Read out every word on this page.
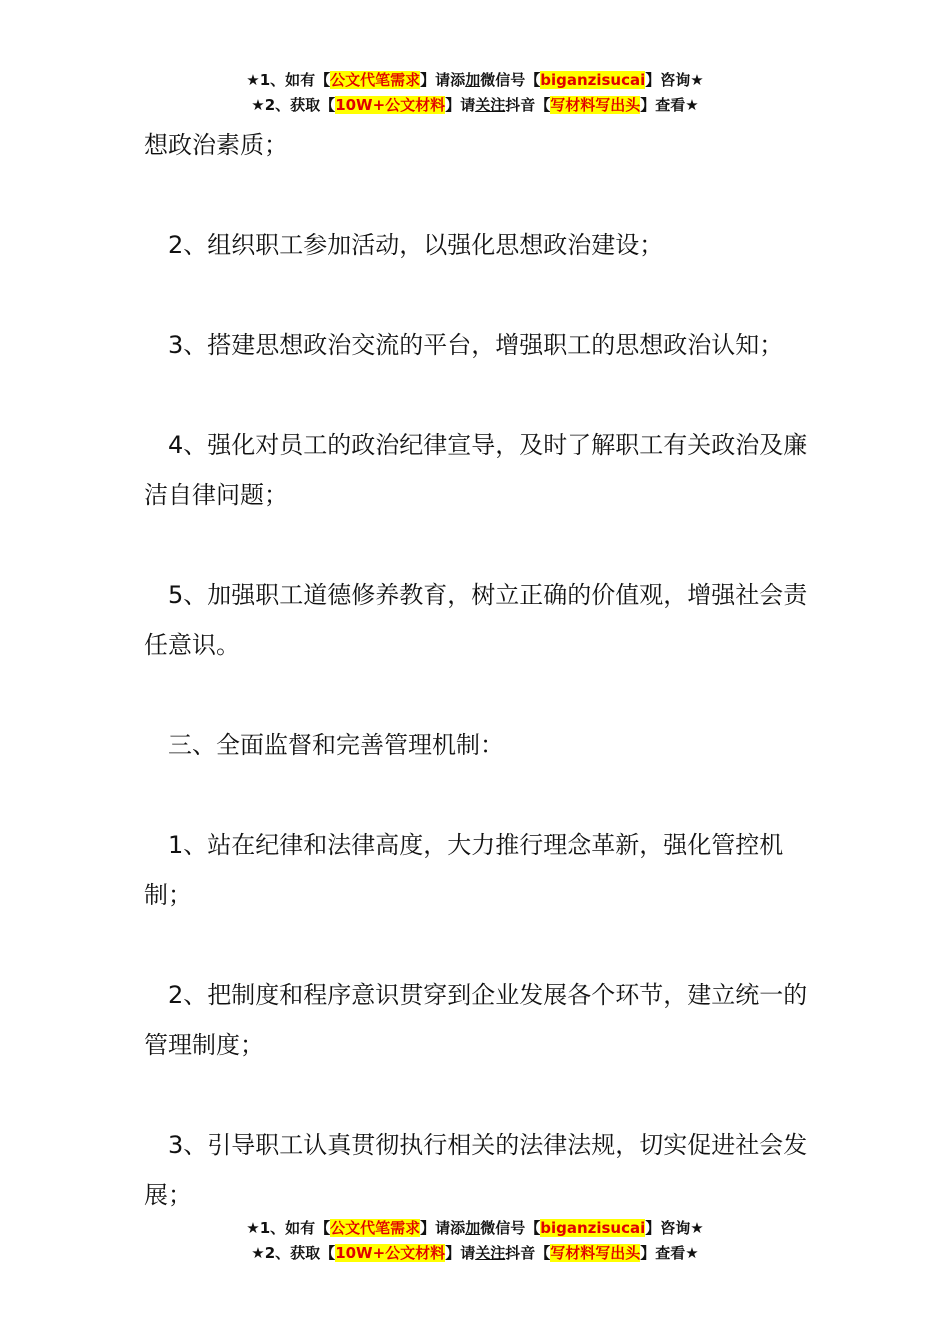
★1、如有【公文代笔需求】请添加微信号【biganzisucai】咨询★
★2、获取【10W+公文材料】请关注抖音【写材料写出头】查看★

想政治素质；

2、组织职工参加活动，以强化思想政治建设；

3、搭建思想政治交流的平台，增强职工的思想政治认知；

4、强化对员工的政治纪律宣导，及时了解职工有关政治及廉洁自律问题；

5、加强职工道德修养教育，树立正确的价值观，增强社会责任意识。

三、全面监督和完善管理机制：

1、站在纪律和法律高度，大力推行理念革新，强化管控机制；

2、把制度和程序意识贯穿到企业发展各个环节，建立统一的管理制度；

3、引导职工认真贯彻执行相关的法律法规，切实促进社会发展；

★1、如有【公文代笔需求】请添加微信号【biganzisucai】咨询★
★2、获取【10W+公文材料】请关注抖音【写材料写出头】查看★
